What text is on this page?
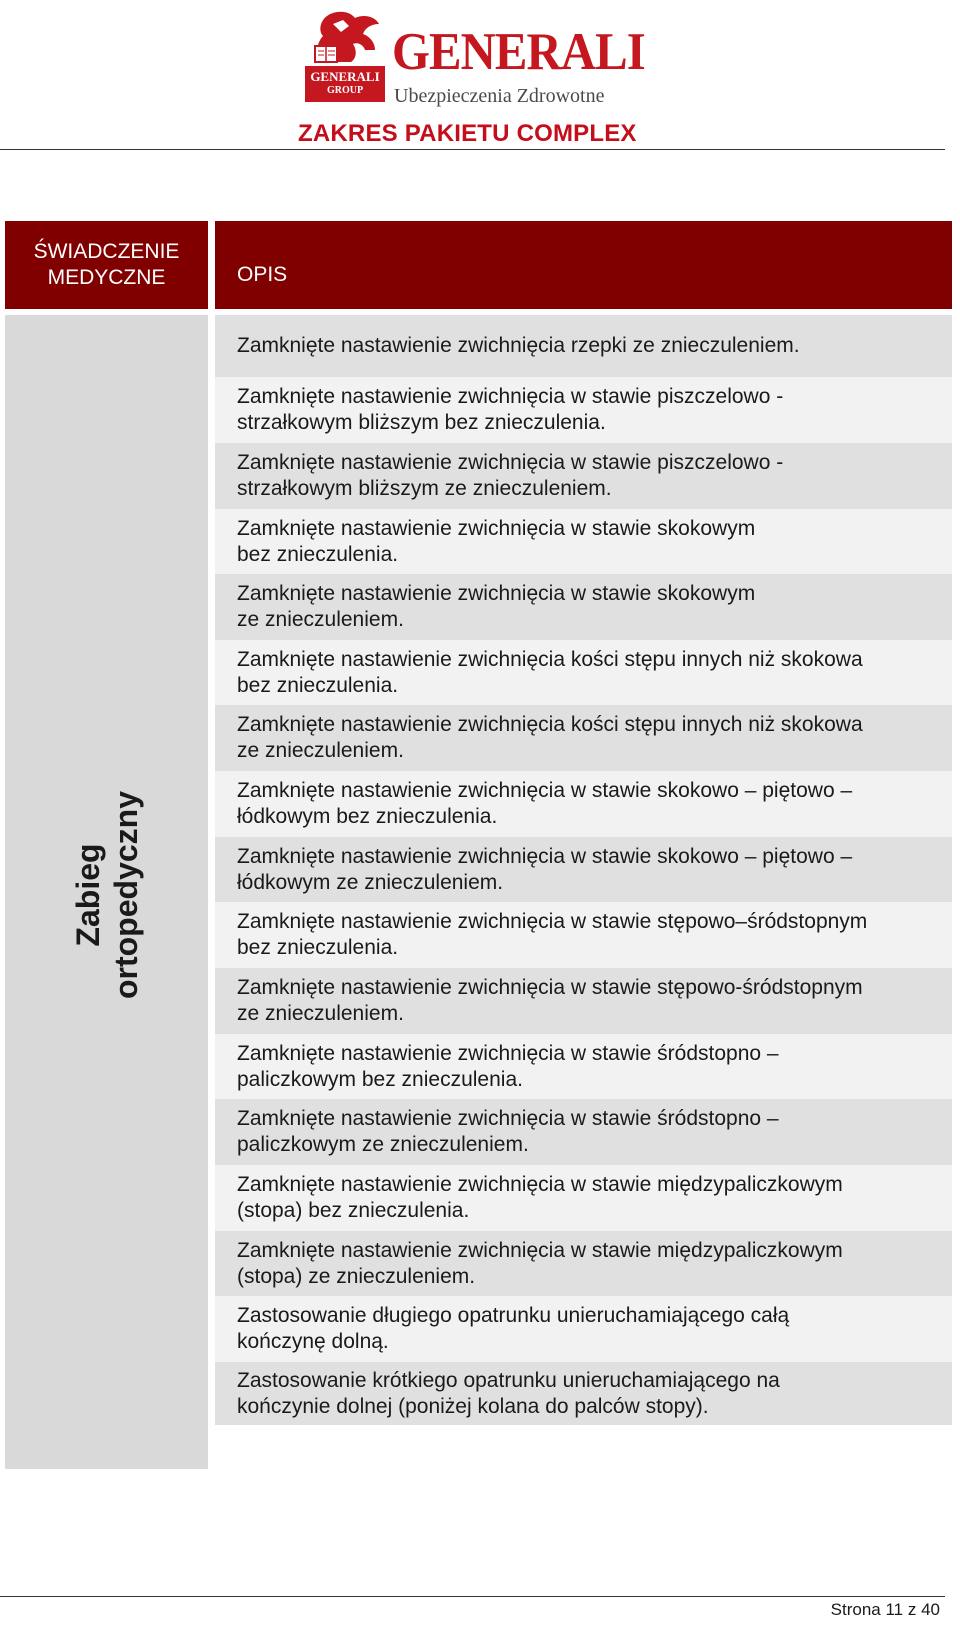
GENERALI
GROUP
GENERALI
Ubezpieczenia Zdrowotne
ZAKRES PAKIETU COMPLEX
ŚWIADCZENIE
MEDYCZNE	OPIS
Zabieg ortopedyczny
Zamknięte nastawienie zwichnięcia rzepki ze znieczuleniem.
Zamknięte nastawienie zwichnięcia w stawie piszczelowo -
strzałkowym bliższym bez znieczulenia.
Zamknięte nastawienie zwichnięcia w stawie piszczelowo -
strzałkowym bliższym ze znieczuleniem.
Zamknięte nastawienie zwichnięcia w stawie skokowym
bez znieczulenia.
Zamknięte nastawienie zwichnięcia w stawie skokowym
ze znieczuleniem.
Zamknięte nastawienie zwichnięcia kości stępu innych niż skokowa
bez znieczulenia.
Zamknięte nastawienie zwichnięcia kości stępu innych niż skokowa
ze znieczuleniem.
Zamknięte nastawienie zwichnięcia w stawie skokowo – piętowo –
łódkowym bez znieczulenia.
Zamknięte nastawienie zwichnięcia w stawie skokowo – piętowo –
łódkowym ze znieczuleniem.
Zamknięte nastawienie zwichnięcia w stawie stępowo–śródstopnym
bez znieczulenia.
Zamknięte nastawienie zwichnięcia w stawie stępowo-śródstopnym
ze znieczuleniem.
Zamknięte nastawienie zwichnięcia w stawie śródstopno –
paliczkowym bez znieczulenia.
Zamknięte nastawienie zwichnięcia w stawie śródstopno –
paliczkowym ze znieczuleniem.
Zamknięte nastawienie zwichnięcia w stawie międzypaliczkowym
(stopa) bez znieczulenia.
Zamknięte nastawienie zwichnięcia w stawie międzypaliczkowym
(stopa) ze znieczuleniem.
Zastosowanie długiego opatrunku unieruchamiającego całą
kończynę dolną.
Zastosowanie krótkiego opatrunku unieruchamiającego na
kończynie dolnej (poniżej kolana do palców stopy).
Strona 11 z 40
